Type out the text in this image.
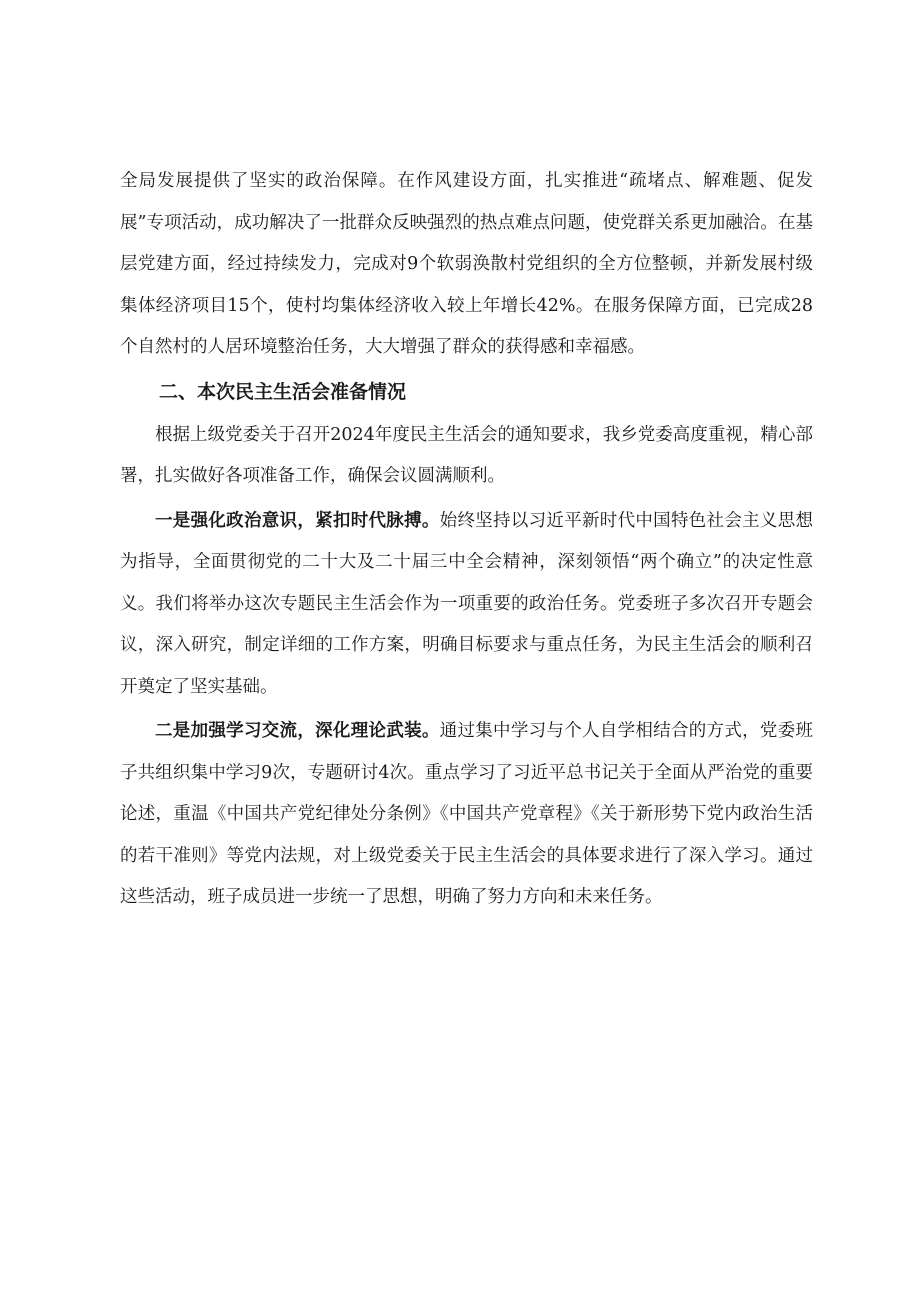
全局发展提供了坚实的政治保障。在作风建设方面，扎实推进“疏堵点、解难题、促发展”专项活动，成功解决了一批群众反映强烈的热点难点问题，使党群关系更加融洽。在基层党建方面，经过持续发力，完成对9个软弱涣散村党组织的全方位整顿，并新发展村级集体经济项目15个，使村均集体经济收入较上年增长42%。在服务保障方面，已完成28个自然村的人居环境整治任务，大大增强了群众的获得感和幸福感。

二、本次民主生活会准备情况

根据上级党委关于召开2024年度民主生活会的通知要求，我乡党委高度重视，精心部署，扎实做好各项准备工作，确保会议圆满顺利。

一是强化政治意识，紧扣时代脉搏。始终坚持以习近平新时代中国特色社会主义思想为指导，全面贯彻党的二十大及二十届三中全会精神，深刻领悟“两个确立”的决定性意义。我们将举办这次专题民主生活会作为一项重要的政治任务。党委班子多次召开专题会议，深入研究，制定详细的工作方案，明确目标要求与重点任务，为民主生活会的顺利召开奠定了坚实基础。

二是加强学习交流，深化理论武装。通过集中学习与个人自学相结合的方式，党委班子共组织集中学习9次，专题研讨4次。重点学习了习近平总书记关于全面从严治党的重要论述，重温《中国共产党纪律处分条例》《中国共产党章程》《关于新形势下党内政治生活的若干准则》等党内法规，对上级党委关于民主生活会的具体要求进行了深入学习。通过这些活动，班子成员进一步统一了思想，明确了努力方向和未来任务。
